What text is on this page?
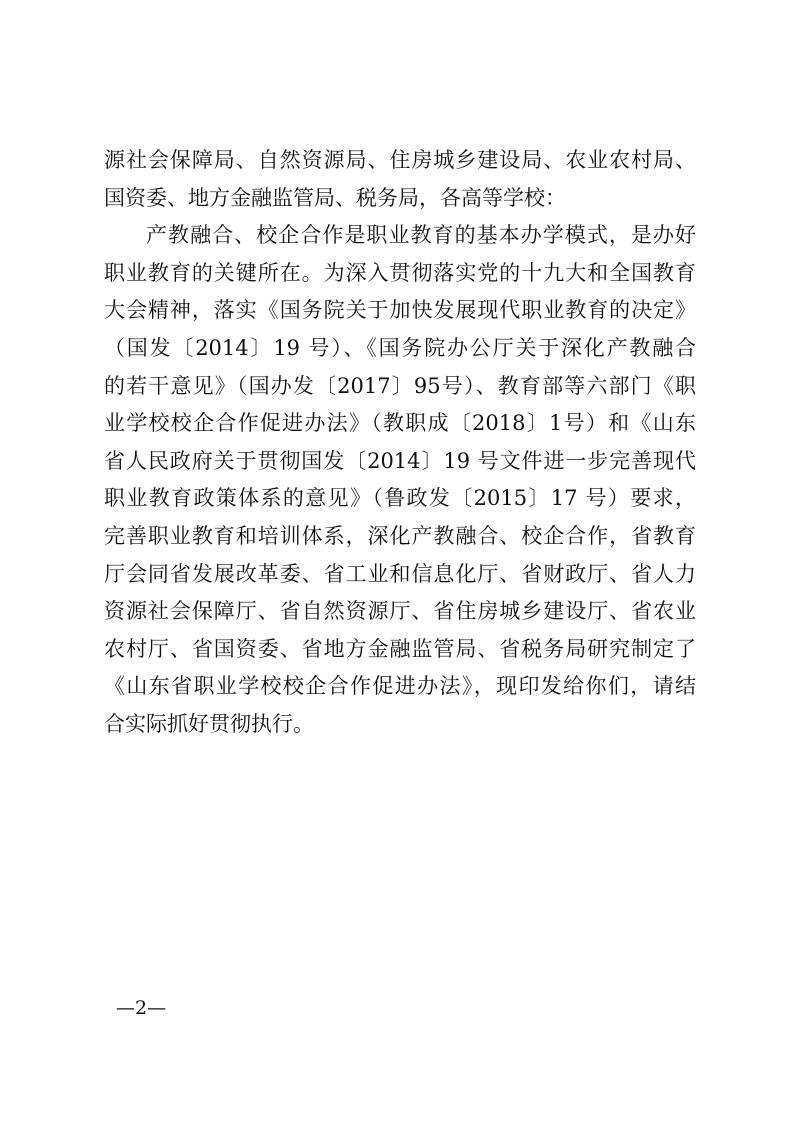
源社会保障局、自然资源局、住房城乡建设局、农业农村局、
国资委、地方金融监管局、税务局，各高等学校：
产教融合、校企合作是职业教育的基本办学模式，是办好
职业教育的关键所在。为深入贯彻落实党的十九大和全国教育
大会精神，落实《国务院关于加快发展现代职业教育的决定》
（国发〔2014〕19 号）、《国务院办公厅关于深化产教融合
的若干意见》（国办发〔2017〕95号）、教育部等六部门《职
业学校校企合作促进办法》（教职成〔2018〕1号）和《山东
省人民政府关于贯彻国发〔2014〕19 号文件进一步完善现代
职业教育政策体系的意见》（鲁政发〔2015〕17 号）要求，
完善职业教育和培训体系，深化产教融合、校企合作，省教育
厅会同省发展改革委、省工业和信息化厅、省财政厅、省人力
资源社会保障厅、省自然资源厅、省住房城乡建设厅、省农业
农村厅、省国资委、省地方金融监管局、省税务局研究制定了
《山东省职业学校校企合作促进办法》，现印发给你们，请结
合实际抓好贯彻执行。
—2—
